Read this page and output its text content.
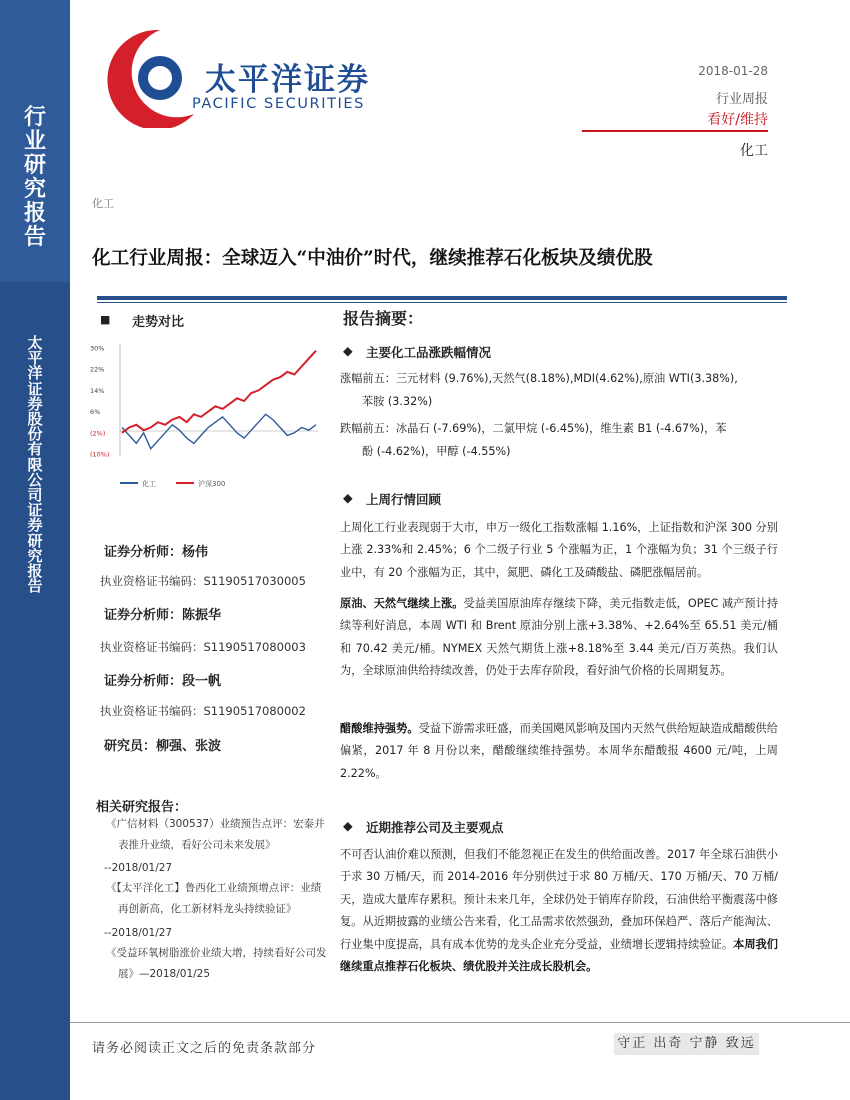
行业研究报告
太平洋证券股份有限公司证券研究报告
太平洋证券
PACIFIC SECURITIES
2018-01-28
行业周报
看好/维持
化工
化工
化工行业周报：全球迈入“中油价”时代，继续推荐石化板块及绩优股
■ 走势对比
30%
22%
14%
6%
(2%)
(10%)
化工	沪深300
证券分析师：杨伟
执业资格证书编码：S1190517030005
证券分析师：陈振华
执业资格证书编码：S1190517080003
证券分析师：段一帆
执业资格证书编码：S1190517080002
研究员：柳强、张波
相关研究报告：
《广信材料（300537）业绩预告点评：宏泰并表推升业绩，看好公司未来发展》
--2018/01/27
《【太平洋化工】鲁西化工业绩预增点评：业绩再创新高，化工新材料龙头持续验证》
--2018/01/27
《受益环氧树脂涨价业绩大增，持续看好公司发展》—2018/01/25
报告摘要：
◆ 主要化工品涨跌幅情况
涨幅前五：三元材料 (9.76%),天然气(8.18%),MDI(4.62%),原油 WTI(3.38%),
苯胺 (3.32%)
跌幅前五：冰晶石 (-7.69%)，二氯甲烷 (-6.45%)，维生素 B1 (-4.67%)，苯
酚 (-4.62%)，甲醇 (-4.55%)
◆ 上周行情回顾
上周化工行业表现弱于大市，申万一级化工指数涨幅 1.16%，上证指数和沪深 300 分别上涨 2.33%和 2.45%；6 个二级子行业 5 个涨幅为正，1 个涨幅为负；31 个三级子行业中，有 20 个涨幅为正，其中，氮肥、磷化工及磷酸盐、磷肥涨幅居前。
原油、天然气继续上涨。受益美国原油库存继续下降，美元指数走低，OPEC 减产预计持续等利好消息，本周 WTI 和 Brent 原油分别上涨+3.38%、+2.64%至 65.51 美元/桶和 70.42 美元/桶。NYMEX 天然气期货上涨+8.18%至 3.44 美元/百万英热。我们认为，全球原油供给持续改善，仍处于去库存阶段，看好油气价格的长周期复苏。
醋酸维持强势。受益下游需求旺盛，而美国飓风影响及国内天然气供给短缺造成醋酸供给偏紧，2017 年 8 月份以来，醋酸继续维持强势。本周华东醋酸报 4600 元/吨，上周 2.22%。
◆ 近期推荐公司及主要观点
不可否认油价难以预测，但我们不能忽视正在发生的供给面改善。2017 年全球石油供小于求 30 万桶/天，而 2014-2016 年分别供过于求 80 万桶/天、170 万桶/天、70 万桶/天，造成大量库存累积。预计未来几年，全球仍处于销库存阶段，石油供给平衡震荡中修复。从近期披露的业绩公告来看，化工品需求依然强劲，叠加环保趋严、落后产能淘汰、行业集中度提高，具有成本优势的龙头企业充分受益，业绩增长逻辑持续验证。本周我们继续重点推荐石化板块、绩优股并关注成长股机会。
请务必阅读正文之后的免责条款部分	守正 出奇 宁静 致远
